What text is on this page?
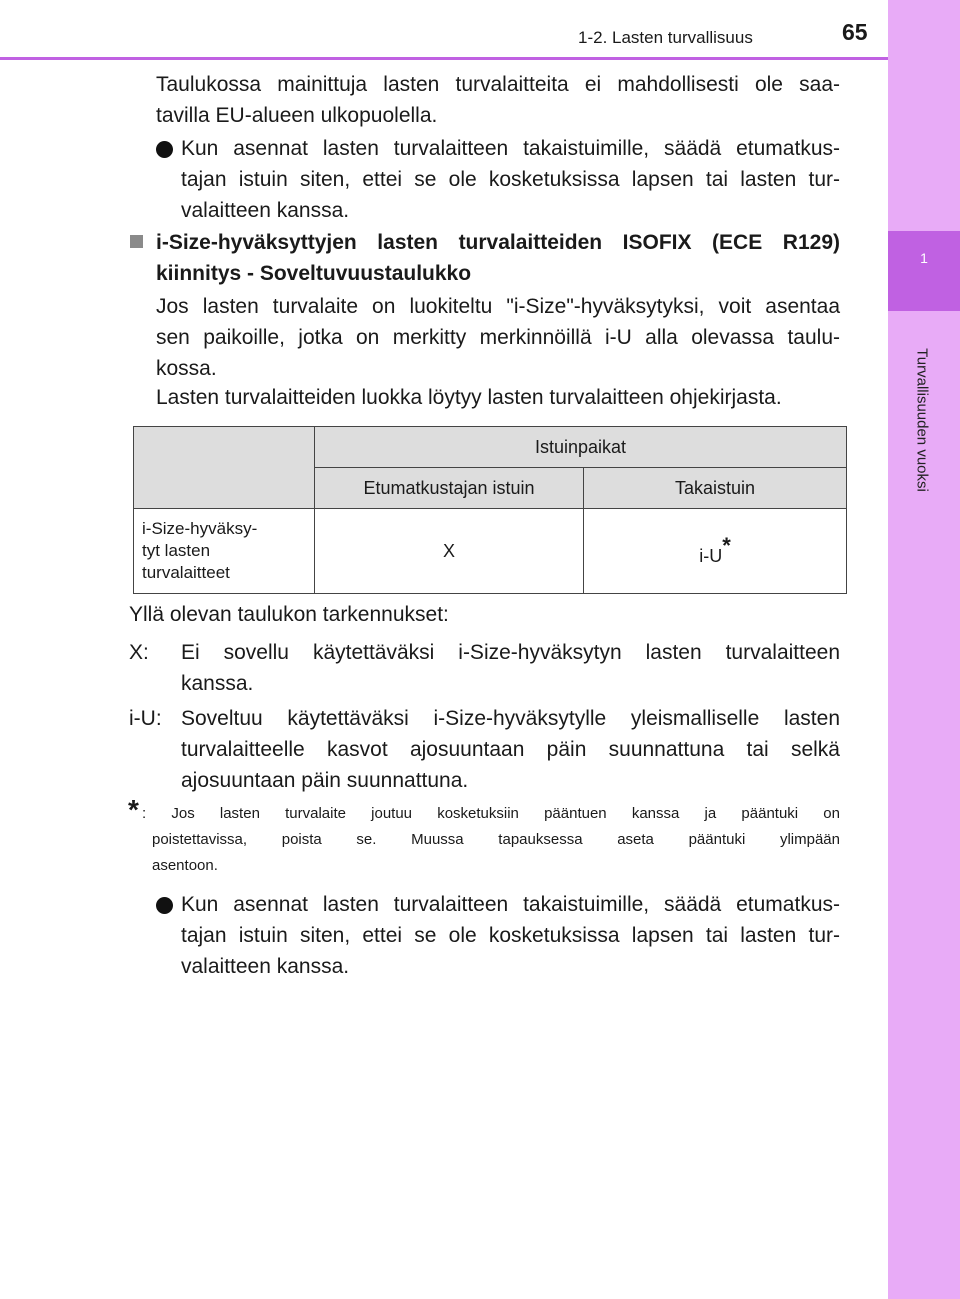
1
Turvallisuuden vuoksi
1-2. Lasten turvallisuus	65
Taulukossa mainittuja lasten turvalaitteita ei mahdollisesti ole saa-
tavilla EU-alueen ulkopuolella.
Kun asennat lasten turvalaitteen takaistuimille, säädä etumatkus-
tajan istuin siten, ettei se ole kosketuksissa lapsen tai lasten tur-
valaitteen kanssa.
i-Size-hyväksyttyjen lasten turvalaitteiden ISOFIX (ECE R129)
kiinnitys - Soveltuvuustaulukko
Jos lasten turvalaite on luokiteltu "i-Size"-hyväksytyksi, voit asentaa
sen paikoille, jotka on merkitty merkinnöillä i-U alla olevassa taulu-
kossa.
Lasten turvalaitteiden luokka löytyy lasten turvalaitteen ohjekirjasta.
	Istuinpaikat	
	Etumatkustajan istuin	Takaistuin

i-Size-hyväksy-
tyt lasten
turvalaitteet	X	i-U*
Yllä olevan taulukon tarkennukset:
X: Ei sovellu käytettäväksi i-Size-hyväksytyn lasten turvalaitteen
kanssa.
i-U: Soveltuu käytettäväksi i-Size-hyväksytylle yleismalliselle lasten
turvalaitteelle kasvot ajosuuntaan päin suunnattuna tai selkä
ajosuuntaan päin suunnattuna.
* : Jos lasten turvalaite joutuu kosketuksiin pääntuen kanssa ja pääntuki on
poistettavissa, poista se. Muussa tapauksessa aseta pääntuki ylimpään
asentoon.
Kun asennat lasten turvalaitteen takaistuimille, säädä etumatkus-
tajan istuin siten, ettei se ole kosketuksissa lapsen tai lasten tur-
valaitteen kanssa.
